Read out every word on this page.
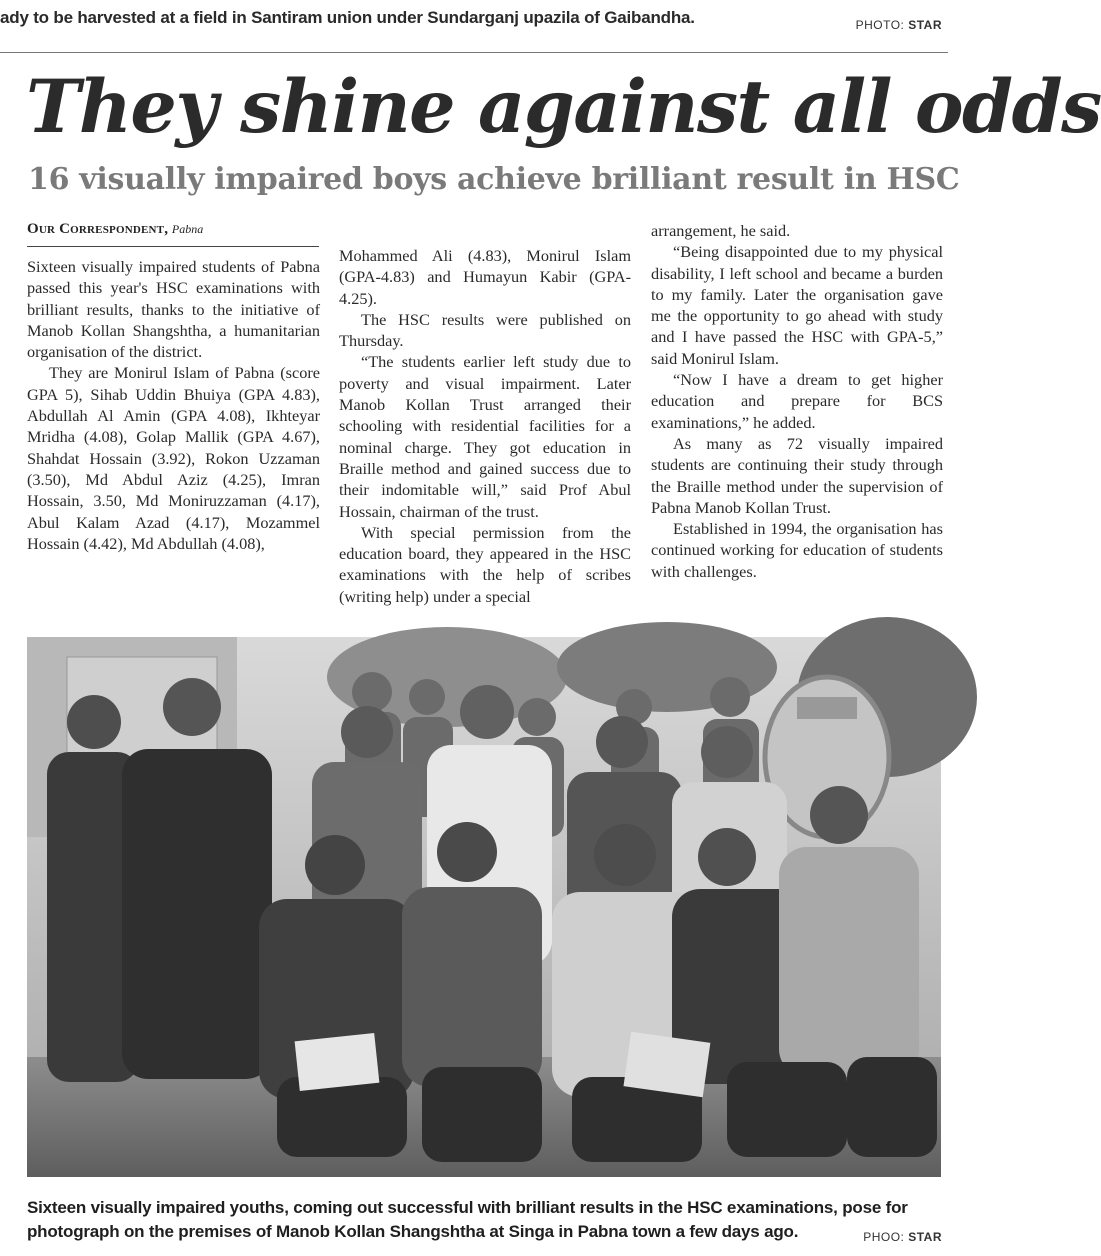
ady to be harvested at a field in Santiram union under Sundarganj upazila of Gaibandha.	PHOTO: STAR
They shine against all odds
16 visually impaired boys achieve brilliant result in HSC
Our Correspondent, Pabna

Sixteen visually impaired students of Pabna passed this year's HSC examinations with brilliant results, thanks to the initiative of Manob Kollan Shangshtha, a humanitarian organisation of the district.

They are Monirul Islam of Pabna (score GPA 5), Sihab Uddin Bhuiya (GPA 4.83), Abdullah Al Amin (GPA 4.08), Ikhteyar Mridha (4.08), Golap Mallik (GPA 4.67), Shahdat Hossain (3.92), Rokon Uzzaman (3.50), Md Abdul Aziz (4.25), Imran Hossain, 3.50, Md Moniruzzaman (4.17), Abul Kalam Azad (4.17), Mozammel Hossain (4.42), Md Abdullah (4.08),

Mohammed Ali (4.83), Monirul Islam (GPA-4.83) and Humayun Kabir (GPA-4.25).

The HSC results were published on Thursday.

“The students earlier left study due to poverty and visual impairment. Later Manob Kollan Trust arranged their schooling with residential facilities for a nominal charge. They got education in Braille method and gained success due to their indomitable will,” said Prof Abul Hossain, chairman of the trust.

With special permission from the education board, they appeared in the HSC examinations with the help of scribes (writing help) under a special

arrangement, he said.

“Being disappointed due to my physical disability, I left school and became a burden to my family. Later the organisation gave me the opportunity to go ahead with study and I have passed the HSC with GPA-5,” said Monirul Islam.

“Now I have a dream to get higher education and prepare for BCS examinations,” he added.

As many as 72 visually impaired students are continuing their study through the Braille method under the supervision of Pabna Manob Kollan Trust.

Established in 1994, the organisation has continued working for education of students with challenges.

Sixteen visually impaired youths, coming out successful with brilliant results in the HSC examinations, pose for photograph on the premises of Manob Kollan Shangshtha at Singa in Pabna town a few days ago.	PHOO: STAR
